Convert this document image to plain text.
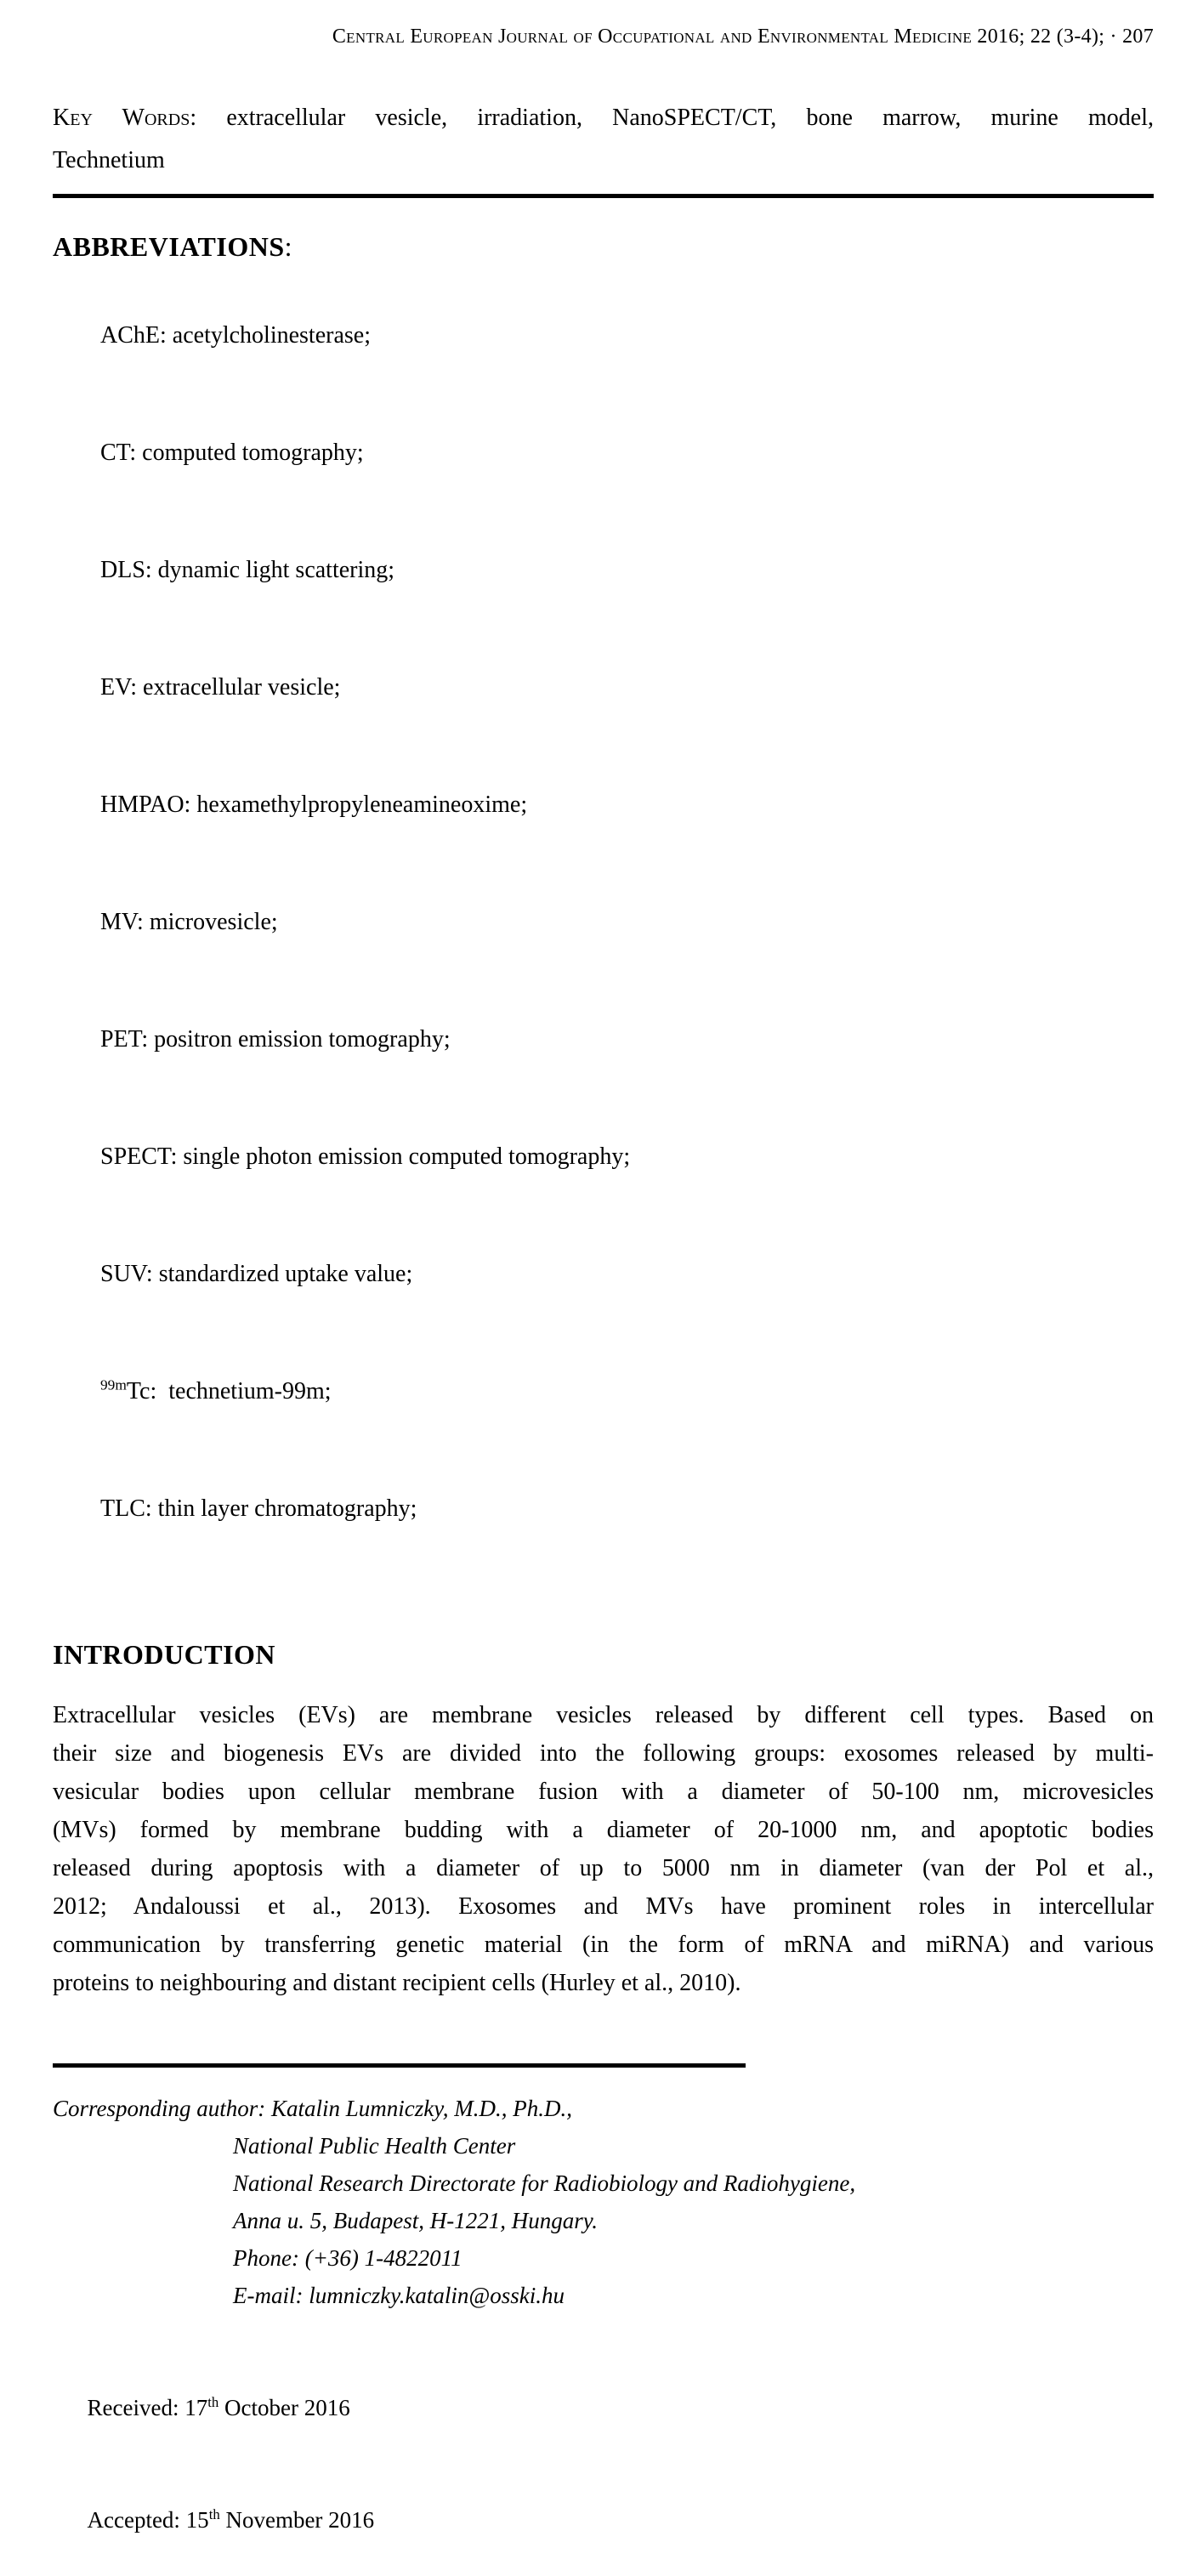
Central European Journal of Occupational and Environmental Medicine 2016; 22 (3-4); · 207
Key Words: extracellular vesicle, irradiation, NanoSPECT/CT, bone marrow, murine model,
Technetium
ABBREVIATIONS:

AChE: acetylcholinesterase;

CT: computed tomography;

DLS: dynamic light scattering;

EV: extracellular vesicle;

HMPAO: hexamethylpropyleneamineoxime;

MV: microvesicle;

PET: positron emission tomography;

SPECT: single photon emission computed tomography;

SUV: standardized uptake value;

$^{99m}$Tc:  technetium-99m;

TLC: thin layer chromatography;

INTRODUCTION
Extracellular vesicles (EVs) are membrane vesicles released by different cell types. Based on
their size and biogenesis EVs are divided into the following groups: exosomes released by multi-
vesicular bodies upon cellular membrane fusion with a diameter of 50-100 nm, microvesicles
(MVs) formed by membrane budding with a diameter of 20-1000 nm, and apoptotic bodies
released during apoptosis with a diameter of up to 5000 nm in diameter (van der Pol et al.,
2012; Andaloussi et al., 2013). Exosomes and MVs have prominent roles in intercellular
communication by transferring genetic material (in the form of mRNA and miRNA) and various
proteins to neighbouring and distant recipient cells (Hurley et al., 2010).
Corresponding author: Katalin Lumniczky, M.D., Ph.D.,
National Public Health Center
National Research Directorate for Radiobiology and Radiohygiene,
Anna u. 5, Budapest, H-1221, Hungary.
Phone: (+36) 1-4822011
E-mail: lumniczky.katalin@osski.hu

Received: 17th October 2016

Accepted: 15th November 2016
